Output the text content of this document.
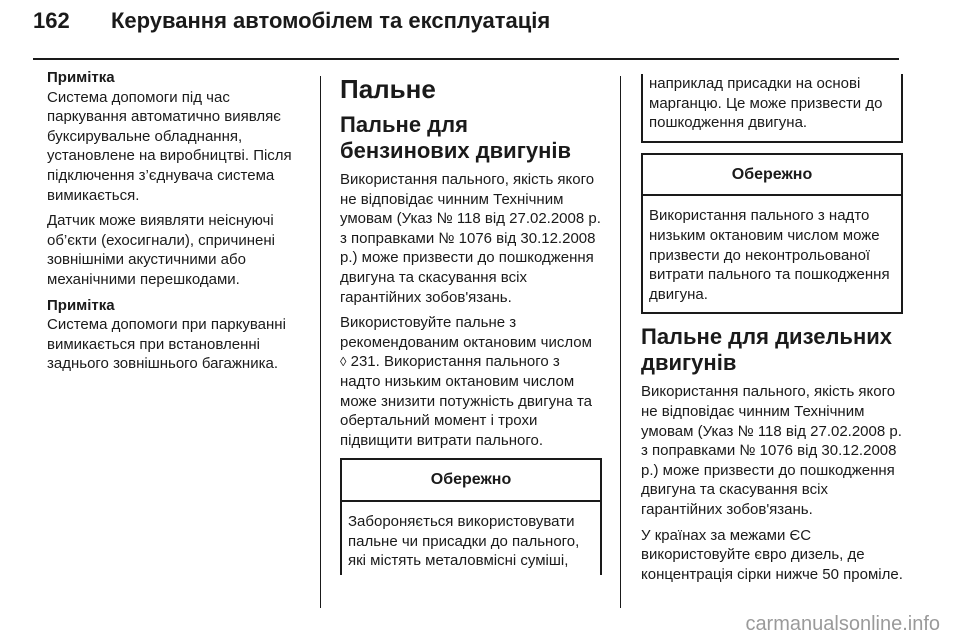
162 Керування автомобілем та експлуатація

Примітка
Система допомоги під час паркування автоматично виявляє буксирувальне обладнання, установлене на виробництві. Після підключення з’єднувача система вимикається.

Датчик може виявляти неіснуючі об’єкти (ехосигнали), спричинені зовнішніми акустичними або механічними перешкодами.

Примітка
Система допомоги при паркуванні вимикається при встановленні заднього зовнішнього багажника.

Пальне
Пальне для бензинових двигунів

Використання пального, якість якого не відповідає чинним Технічним умовам (Указ № 118 від 27.02.2008 р. з поправками № 1076 від 30.12.2008 р.) може призвести до пошкодження двигуна та скасування всіх гарантійних зобов'язань.

Використовуйте пальне з рекомендованим октановим числом ◊ 231. Використання пального з надто низьким октановим числом може знизити потужність двигуна та обертальний момент і трохи підвищити витрати пального.

Обережно
Забороняється використовувати пальне чи присадки до пального, які містять металовмісні суміші,
наприклад присадки на основі марганцю. Це може призвести до пошкодження двигуна.
Обережно
Використання пального з надто низьким октановим числом може призвести до неконтрольованої витрати пального та пошкодження двигуна.
Пальне для дизельних двигунів

Використання пального, якість якого не відповідає чинним Технічним умовам (Указ № 118 від 27.02.2008 р. з поправками № 1076 від 30.12.2008 р.) може призвести до пошкодження двигуна та скасування всіх гарантійних зобов'язань.

У країнах за межами ЄС використовуйте євро дизель, де концентрація сірки нижче 50 проміле.

carmanualsonline.info
